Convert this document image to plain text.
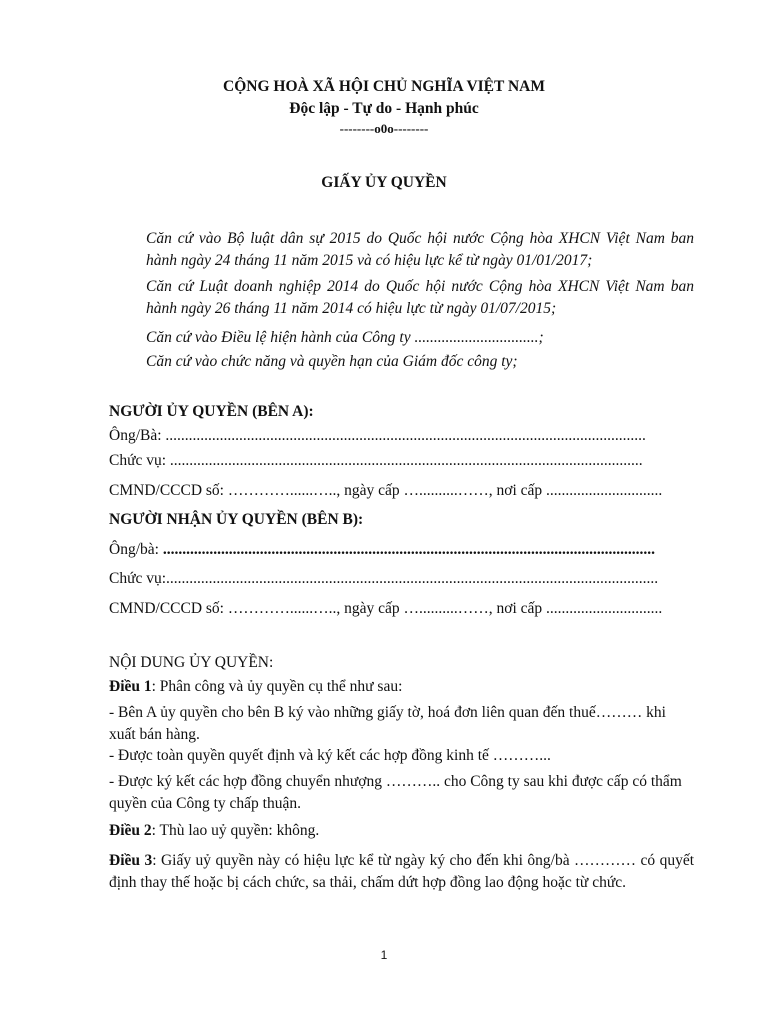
CỘNG HOÀ XÃ HỘI CHỦ NGHĨA VIỆT NAM
Độc lập - Tự do - Hạnh phúc
--------o0o--------
GIẤY ỦY QUYỀN
Căn cứ vào Bộ luật dân sự 2015 do Quốc hội nước Cộng hòa XHCN Việt Nam ban hành ngày 24 tháng 11 năm 2015 và có hiệu lực kể từ ngày 01/01/2017;
Căn cứ Luật doanh nghiệp 2014 do Quốc hội nước Cộng hòa XHCN Việt Nam ban hành ngày 26 tháng 11 năm 2014 có hiệu lực từ ngày 01/07/2015;
Căn cứ vào Điều lệ hiện hành của Công ty ................................;
Căn cứ vào chức năng và quyền hạn của Giám đốc công ty;
NGƯỜI ỦY QUYỀN (BÊN A):
Ông/Bà: ............................................................................................................................
Chức vụ: ..........................................................................................................................
CMND/CCCD số: …………......….., ngày cấp …..........……, nơi cấp ..............................
NGƯỜI NHẬN ỦY QUYỀN (BÊN B):
Ông/bà: ...............................................................................................................................
Chức vụ:...............................................................................................................................
CMND/CCCD số: …………......….., ngày cấp …..........……, nơi cấp ..............................
NỘI DUNG ỦY QUYỀN:
Điều 1: Phân công và ủy quyền cụ thể như sau:
- Bên A ủy quyền cho bên B ký vào những giấy tờ, hoá đơn liên quan đến thuế……… khi xuất bán hàng.
- Được toàn quyền quyết định và ký kết các hợp đồng kinh tế ………...
- Được ký kết các hợp đồng chuyển nhượng ……….. cho Công ty sau khi được cấp có thẩm quyền của Công ty chấp thuận.
Điều 2: Thù lao uỷ quyền: không.
Điều 3: Giấy uỷ quyền này có hiệu lực kể từ ngày ký cho đến khi ông/bà ………… có quyết định thay thế hoặc bị cách chức, sa thải, chấm dứt hợp đồng lao động hoặc từ chức.
1
